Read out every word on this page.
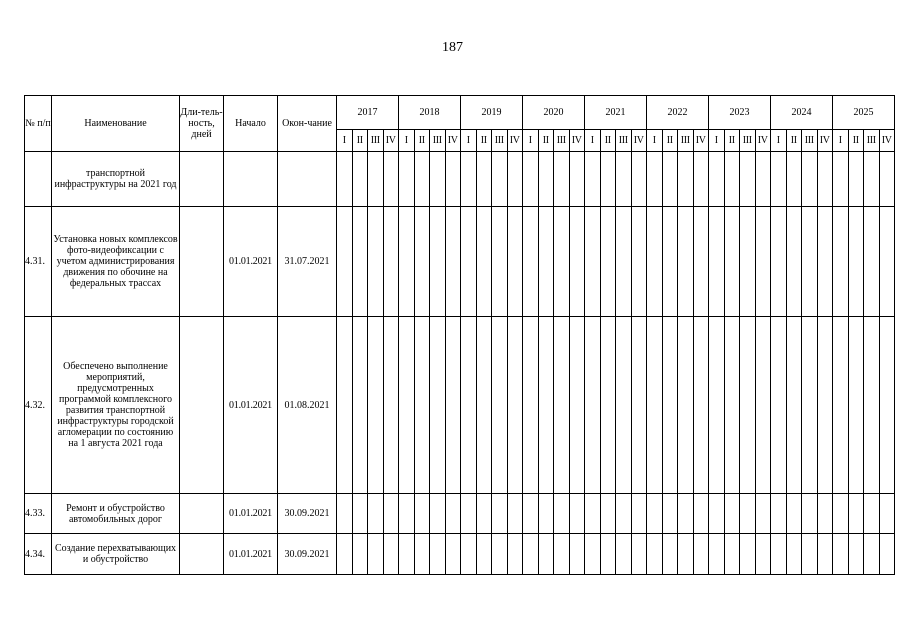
187
№ п/п	Наименование	Дли-тель-ность, дней	Начало	Окон-чание	2017				2018				2019				2020				2021				2022				2023				2024				2025			
					I	II	III	IV	I	II	III	IV	I	II	III	IV	I	II	III	IV	I	II	III	IV	I	II	III	IV	I	II	III	IV	I	II	III	IV	I	II	III	IV
	транспортной инфраструктуры на 2021 год																																							
4.31.	Установка новых комплексов фото-видеофиксации с учетом администрирования движения по обочине на федеральных трассах		01.01.2021	31.07.2021																																				
4.32.	Обеспечено выполнение мероприятий, предусмотренных программой комплексного развития транспортной инфраструктуры городской агломерации по состоянию на 1 августа 2021 года		01.01.2021	01.08.2021																																				
4.33.	Ремонт и обустройство автомобильных дорог		01.01.2021	30.09.2021																																				
4.34.	Создание перехватывающих и обустройство		01.01.2021	30.09.2021																																				
